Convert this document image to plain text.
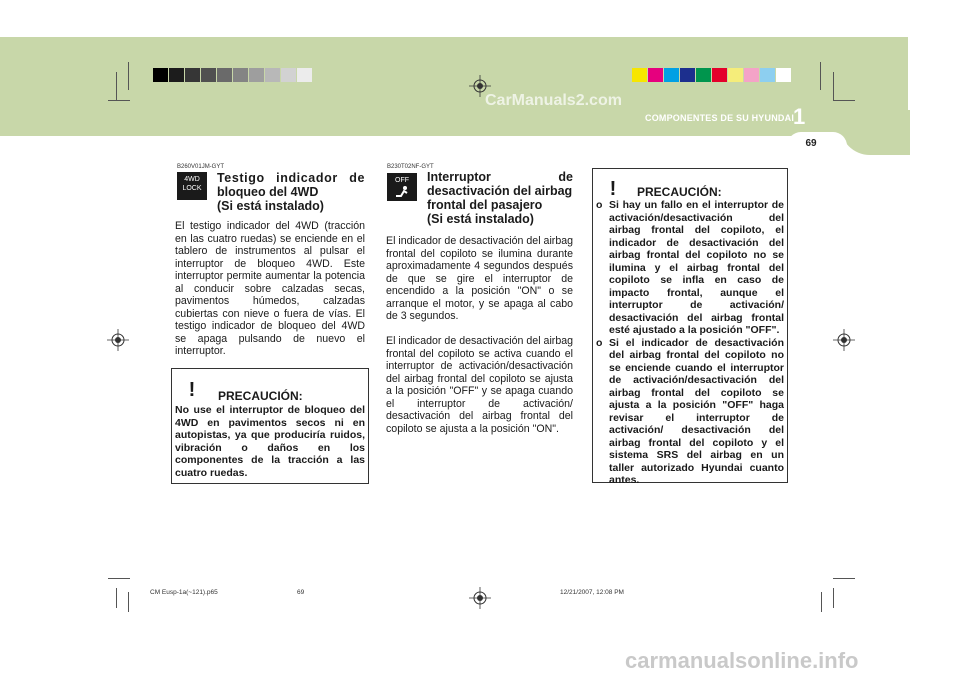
69
1
COMPONENTES DE SU HYUNDAI
CarManuals2.com
B260V01JM-GYT
4WD
LOCK
Testigo indicador de
bloqueo del 4WD
(Si está instalado)
El testigo indicador del 4WD (tracción en las cuatro ruedas) se enciende en el tablero de instrumentos al pulsar el interruptor de bloqueo 4WD. Este interruptor permite aumentar la potencia al conducir sobre calzadas secas, pavimentos húmedos, calzadas cubiertas con nieve o fuera de vías. El testigo indicador de bloqueo del 4WD se apaga pulsando de nuevo el interruptor.
! PRECAUCIÓN:
No use el interruptor de bloqueo del 4WD en pavimentos secos ni en autopistas, ya que produciría ruidos, vibración o daños en los componentes de la tracción a las cuatro ruedas.
B230T02NF-GYT
OFF	Interruptor de
desactivación del airbag
frontal del pasajero
(Si está instalado)
El indicador de desactivación del airbag frontal del copiloto se ilumina durante aproximadamente 4 segundos después de que se gire el interruptor de encendido a la posición "ON" o se arranque el motor, y se apaga al cabo de 3 segundos.
El indicador de desactivación del airbag frontal del copiloto se activa cuando el interruptor de activación/desactivación del airbag frontal del copiloto se ajusta a la posición "OFF" y se apaga cuando el interruptor de activación/ desactivación del airbag frontal del copiloto se ajusta a la posición "ON".
! PRECAUCIÓN:

o Si hay un fallo en el interruptor de activación/desactivación del airbag frontal del copiloto, el indicador de desactivación del airbag frontal del copiloto no se ilumina y el airbag frontal del copiloto se infla en caso de impacto frontal, aunque el interruptor de activación/ desactivación del airbag frontal esté ajustado a la posición "OFF".

o Si el indicador de desactivación del airbag frontal del copiloto no se enciende cuando el interruptor de activación/desactivación del airbag frontal del copiloto se ajusta a la posición "OFF" haga revisar el interruptor de activación/ desactivación del airbag frontal del copiloto y el sistema SRS del airbag en un taller autorizado Hyundai cuanto antes.

CM Eusp-1a(~121).p65	69	12/21/2007, 12:08 PM
carmanualsonline.info
